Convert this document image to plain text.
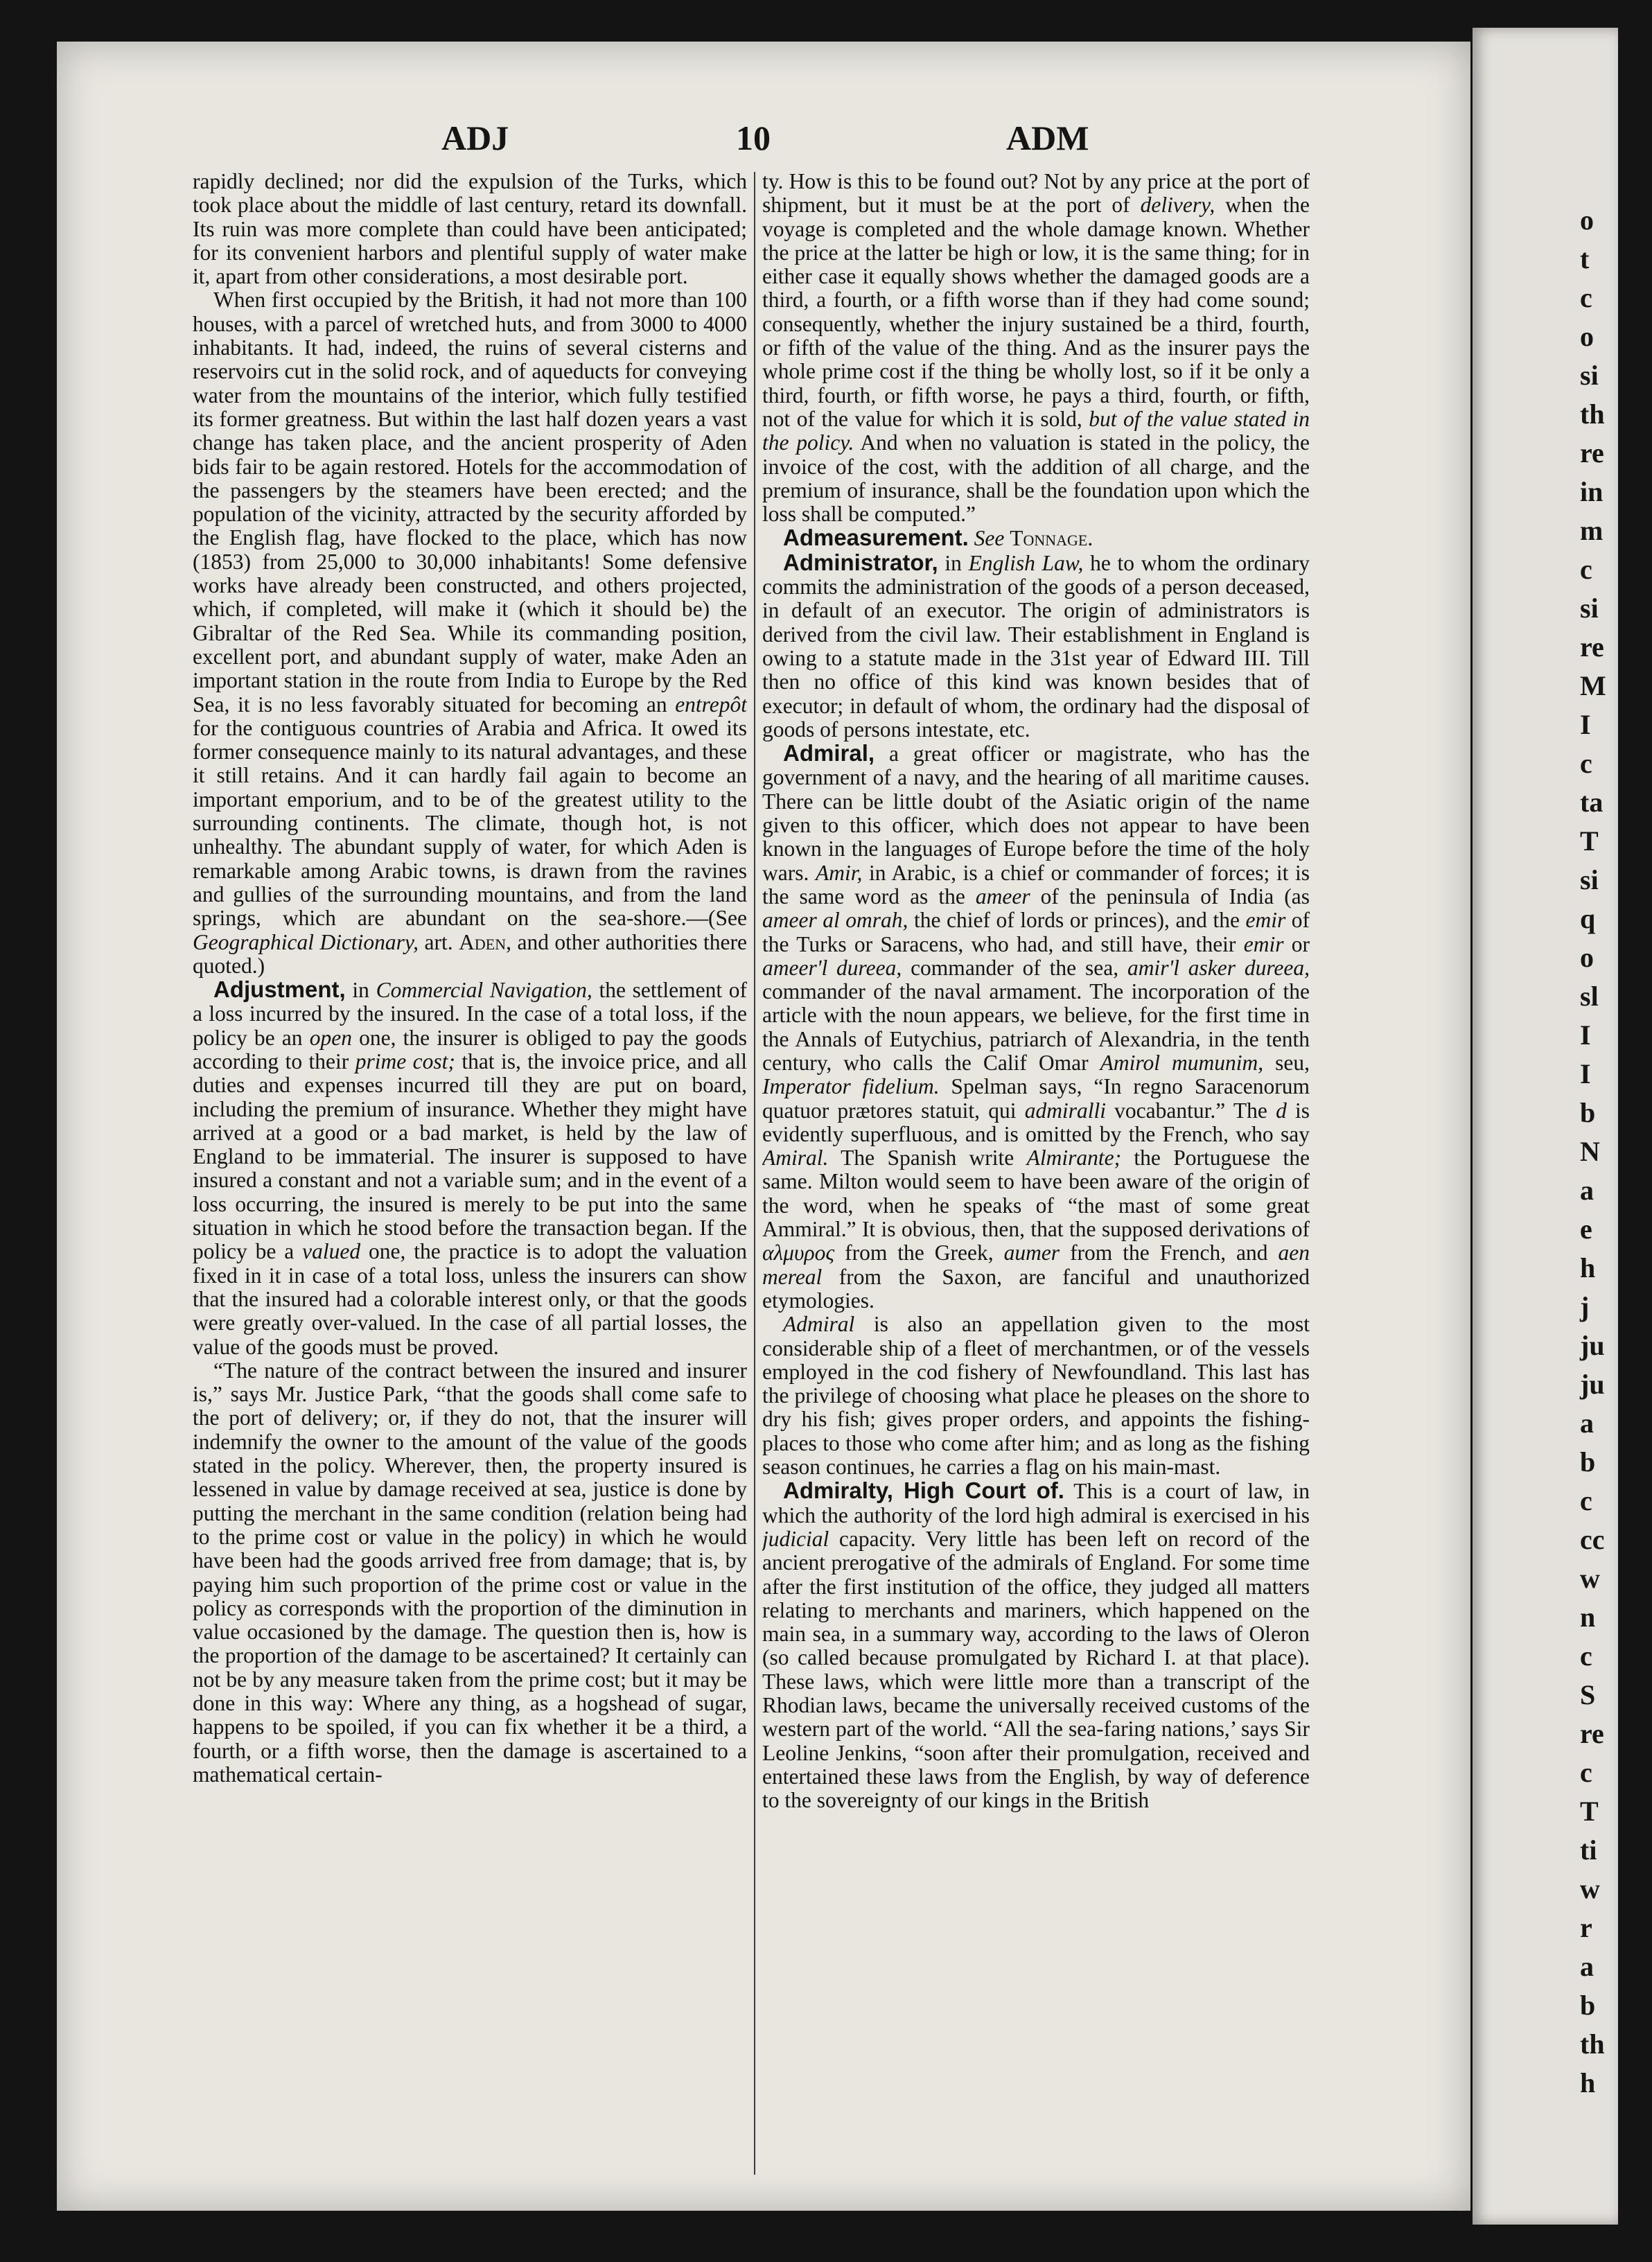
o
t
c
o
si
th
re
in
m
c
si
re
M
I
c
ta
T
si
q
o
sl
I
I
b
N
a
e
h
j
ju
ju
a
b
c
cc
w
n
c
S
re
c
T
ti
w
r
a
b
th
h
ADJ	10	ADM

rapidly declined; nor did the expulsion of the Turks, which took place about the middle of last century, retard its downfall. Its ruin was more complete than could have been anticipated; for its convenient harbors and plentiful supply of water make it, apart from other considerations, a most desirable port.

When first occupied by the British, it had not more than 100 houses, with a parcel of wretched huts, and from 3000 to 4000 inhabitants. It had, indeed, the ruins of several cisterns and reservoirs cut in the solid rock, and of aqueducts for conveying water from the mountains of the interior, which fully testified its former greatness. But within the last half dozen years a vast change has taken place, and the ancient prosperity of Aden bids fair to be again restored. Hotels for the accommodation of the passengers by the steamers have been erected; and the population of the vicinity, attracted by the security afforded by the English flag, have flocked to the place, which has now (1853) from 25,000 to 30,000 inhabitants! Some defensive works have already been constructed, and others projected, which, if completed, will make it (which it should be) the Gibraltar of the Red Sea. While its commanding position, excellent port, and abundant supply of water, make Aden an important station in the route from India to Europe by the Red Sea, it is no less favorably situated for becoming an entrepôt for the contiguous countries of Arabia and Africa. It owed its former consequence mainly to its natural advantages, and these it still retains. And it can hardly fail again to become an important emporium, and to be of the greatest utility to the surrounding continents. The climate, though hot, is not unhealthy. The abundant supply of water, for which Aden is remarkable among Arabic towns, is drawn from the ravines and gullies of the surrounding mountains, and from the land springs, which are abundant on the sea-shore.—(See Geographical Dictionary, art. Aden, and other authorities there quoted.)

Adjustment, in Commercial Navigation, the settlement of a loss incurred by the insured. In the case of a total loss, if the policy be an open one, the insurer is obliged to pay the goods according to their prime cost; that is, the invoice price, and all duties and expenses incurred till they are put on board, including the premium of insurance. Whether they might have arrived at a good or a bad market, is held by the law of England to be immaterial. The insurer is supposed to have insured a constant and not a variable sum; and in the event of a loss occurring, the insured is merely to be put into the same situation in which he stood before the transaction began. If the policy be a valued one, the practice is to adopt the valuation fixed in it in case of a total loss, unless the insurers can show that the insured had a colorable interest only, or that the goods were greatly over-valued. In the case of all partial losses, the value of the goods must be proved.

“The nature of the contract between the insured and insurer is,” says Mr. Justice Park, “that the goods shall come safe to the port of delivery; or, if they do not, that the insurer will indemnify the owner to the amount of the value of the goods stated in the policy. Wherever, then, the property insured is lessened in value by damage received at sea, justice is done by putting the merchant in the same condition (relation being had to the prime cost or value in the policy) in which he would have been had the goods arrived free from damage; that is, by paying him such proportion of the prime cost or value in the policy as corresponds with the proportion of the diminution in value occasioned by the damage. The question then is, how is the proportion of the damage to be ascertained? It certainly can not be by any measure taken from the prime cost; but it may be done in this way: Where any thing, as a hogshead of sugar, happens to be spoiled, if you can fix whether it be a third, a fourth, or a fifth worse, then the damage is ascertained to a mathematical certain-

ty. How is this to be found out? Not by any price at the port of shipment, but it must be at the port of delivery, when the voyage is completed and the whole damage known. Whether the price at the latter be high or low, it is the same thing; for in either case it equally shows whether the damaged goods are a third, a fourth, or a fifth worse than if they had come sound; consequently, whether the injury sustained be a third, fourth, or fifth of the value of the thing. And as the insurer pays the whole prime cost if the thing be wholly lost, so if it be only a third, fourth, or fifth worse, he pays a third, fourth, or fifth, not of the value for which it is sold, but of the value stated in the policy. And when no valuation is stated in the policy, the invoice of the cost, with the addition of all charge, and the premium of insurance, shall be the foundation upon which the loss shall be computed.”

Admeasurement. See Tonnage.

Administrator, in English Law, he to whom the ordinary commits the administration of the goods of a person deceased, in default of an executor. The origin of administrators is derived from the civil law. Their establishment in England is owing to a statute made in the 31st year of Edward III. Till then no office of this kind was known besides that of executor; in default of whom, the ordinary had the disposal of goods of persons intestate, etc.

Admiral, a great officer or magistrate, who has the government of a navy, and the hearing of all maritime causes. There can be little doubt of the Asiatic origin of the name given to this officer, which does not appear to have been known in the languages of Europe before the time of the holy wars. Amir, in Arabic, is a chief or commander of forces; it is the same word as the ameer of the peninsula of India (as ameer al omrah, the chief of lords or princes), and the emir of the Turks or Saracens, who had, and still have, their emir or ameer'l dureea, commander of the sea, amir'l asker dureea, commander of the naval armament. The incorporation of the article with the noun appears, we believe, for the first time in the Annals of Eutychius, patriarch of Alexandria, in the tenth century, who calls the Calif Omar Amirol mumunim, seu, Imperator fidelium. Spelman says, “In regno Saracenorum quatuor prætores statuit, qui admiralli vocabantur.” The d is evidently superfluous, and is omitted by the French, who say Amiral. The Spanish write Almirante; the Portuguese the same. Milton would seem to have been aware of the origin of the word, when he speaks of “the mast of some great Ammiral.” It is obvious, then, that the supposed derivations of αλμυρος from the Greek, aumer from the French, and aen mereal from the Saxon, are fanciful and unauthorized etymologies.

Admiral is also an appellation given to the most considerable ship of a fleet of merchantmen, or of the vessels employed in the cod fishery of Newfoundland. This last has the privilege of choosing what place he pleases on the shore to dry his fish; gives proper orders, and appoints the fishing-places to those who come after him; and as long as the fishing season continues, he carries a flag on his main-mast.

Admiralty, High Court of. This is a court of law, in which the authority of the lord high admiral is exercised in his judicial capacity. Very little has been left on record of the ancient prerogative of the admirals of England. For some time after the first institution of the office, they judged all matters relating to merchants and mariners, which happened on the main sea, in a summary way, according to the laws of Oleron (so called because promulgated by Richard I. at that place). These laws, which were little more than a transcript of the Rhodian laws, became the universally received customs of the western part of the world. “All the sea-faring nations,’ says Sir Leoline Jenkins, “soon after their promulgation, received and entertained these laws from the English, by way of deference to the sovereignty of our kings in the British
